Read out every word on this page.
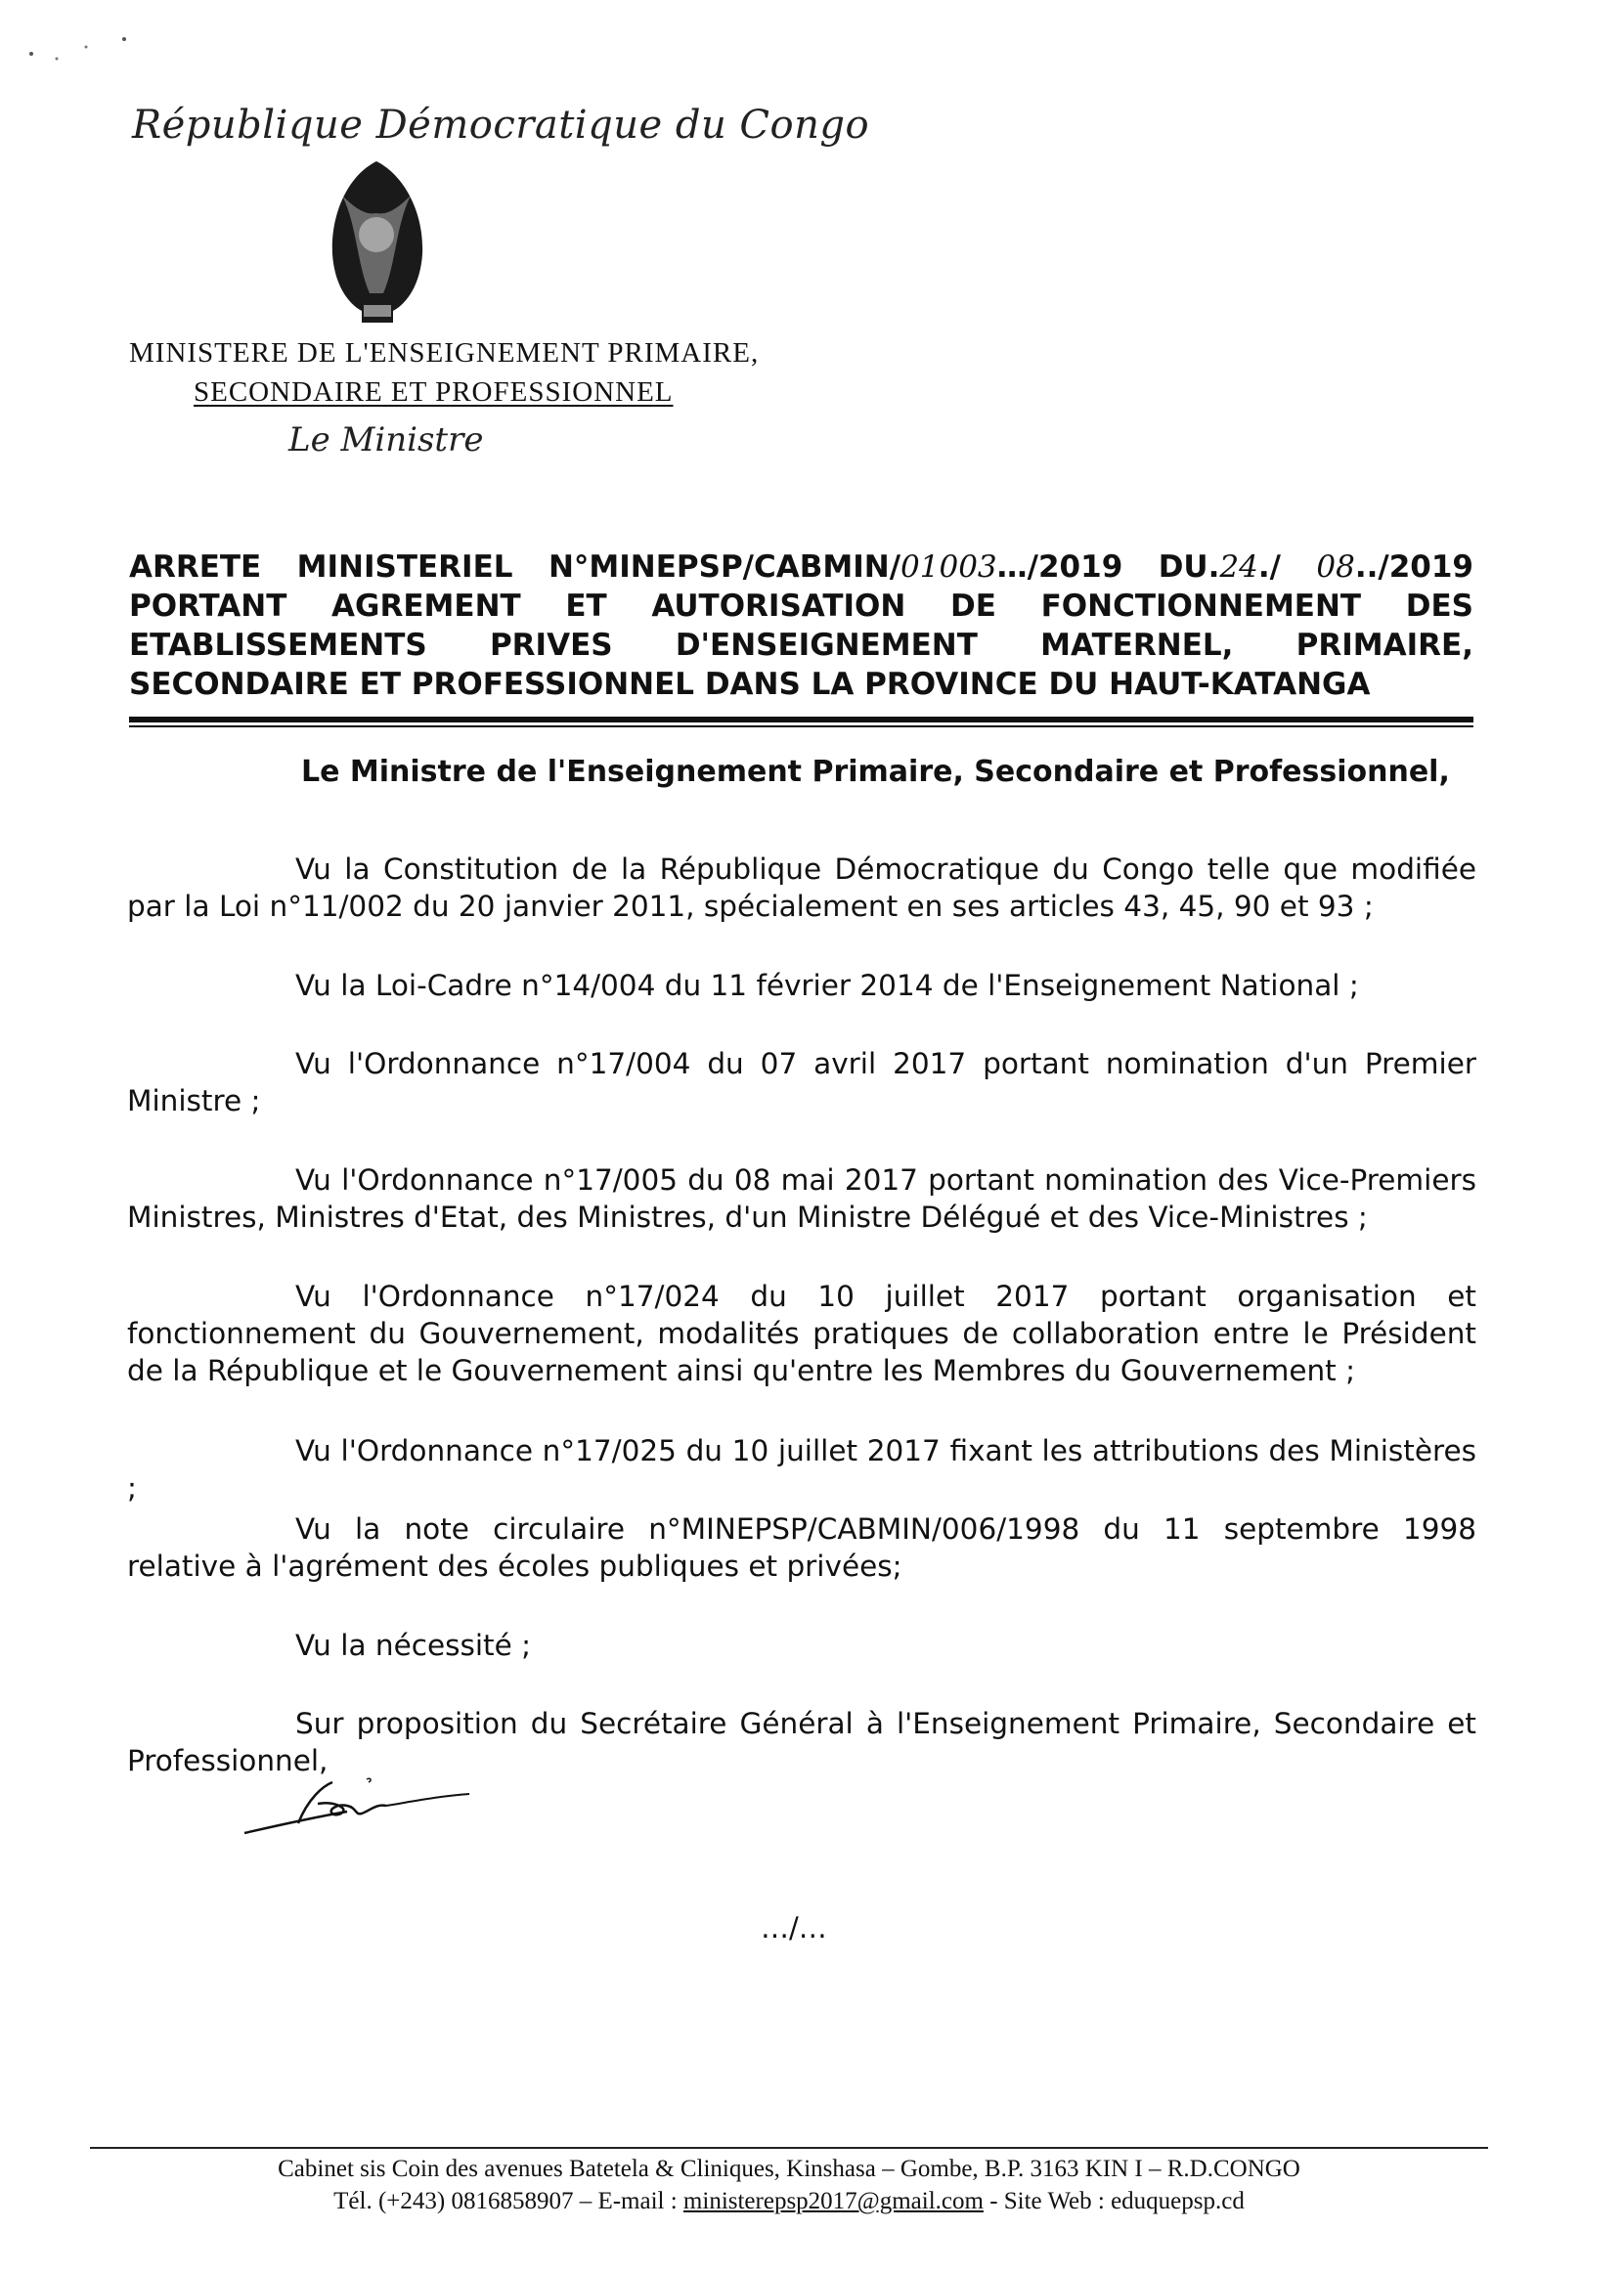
République Démocratique du Congo
MINISTERE DE L'ENSEIGNEMENT PRIMAIRE,
SECONDAIRE ET PROFESSIONNEL
Le Ministre
ARRETE MINISTERIEL N°MINEPSP/CABMIN/01003…/2019 DU.24./ 08../2019
PORTANT AGREMENT ET AUTORISATION DE FONCTIONNEMENT DES
ETABLISSEMENTS PRIVES D'ENSEIGNEMENT MATERNEL, PRIMAIRE,
SECONDAIRE ET PROFESSIONNEL DANS LA PROVINCE DU HAUT-KATANGA
Le Ministre de l'Enseignement Primaire, Secondaire et Professionnel,
Vu la Constitution de la République Démocratique du Congo telle que modifiée par la Loi n°11/002 du 20 janvier 2011, spécialement en ses articles 43, 45, 90 et 93 ;
Vu la Loi-Cadre n°14/004 du 11 février 2014 de l'Enseignement National ;
Vu l'Ordonnance n°17/004 du 07 avril 2017 portant nomination d'un Premier Ministre ;
Vu l'Ordonnance n°17/005 du 08 mai 2017 portant nomination des Vice-Premiers Ministres, Ministres d'Etat, des Ministres, d'un Ministre Délégué et des Vice-Ministres ;
Vu l'Ordonnance n°17/024 du 10 juillet 2017 portant organisation et fonctionnement du Gouvernement, modalités pratiques de collaboration entre le Président de la République et le Gouvernement ainsi qu'entre les Membres du Gouvernement ;
Vu l'Ordonnance n°17/025 du 10 juillet 2017 fixant les attributions des Ministères ;
Vu la note circulaire n°MINEPSP/CABMIN/006/1998 du 11 septembre 1998 relative à l'agrément des écoles publiques et privées;
Vu la nécessité ;
Sur proposition du Secrétaire Général à l'Enseignement Primaire, Secondaire et Professionnel,
…/…
Cabinet sis Coin des avenues Batetela & Cliniques, Kinshasa – Gombe, B.P. 3163 KIN I – R.D.CONGO
Tél. (+243) 0816858907 – E-mail : ministerepsp2017@gmail.com - Site Web : eduquepsp.cd
